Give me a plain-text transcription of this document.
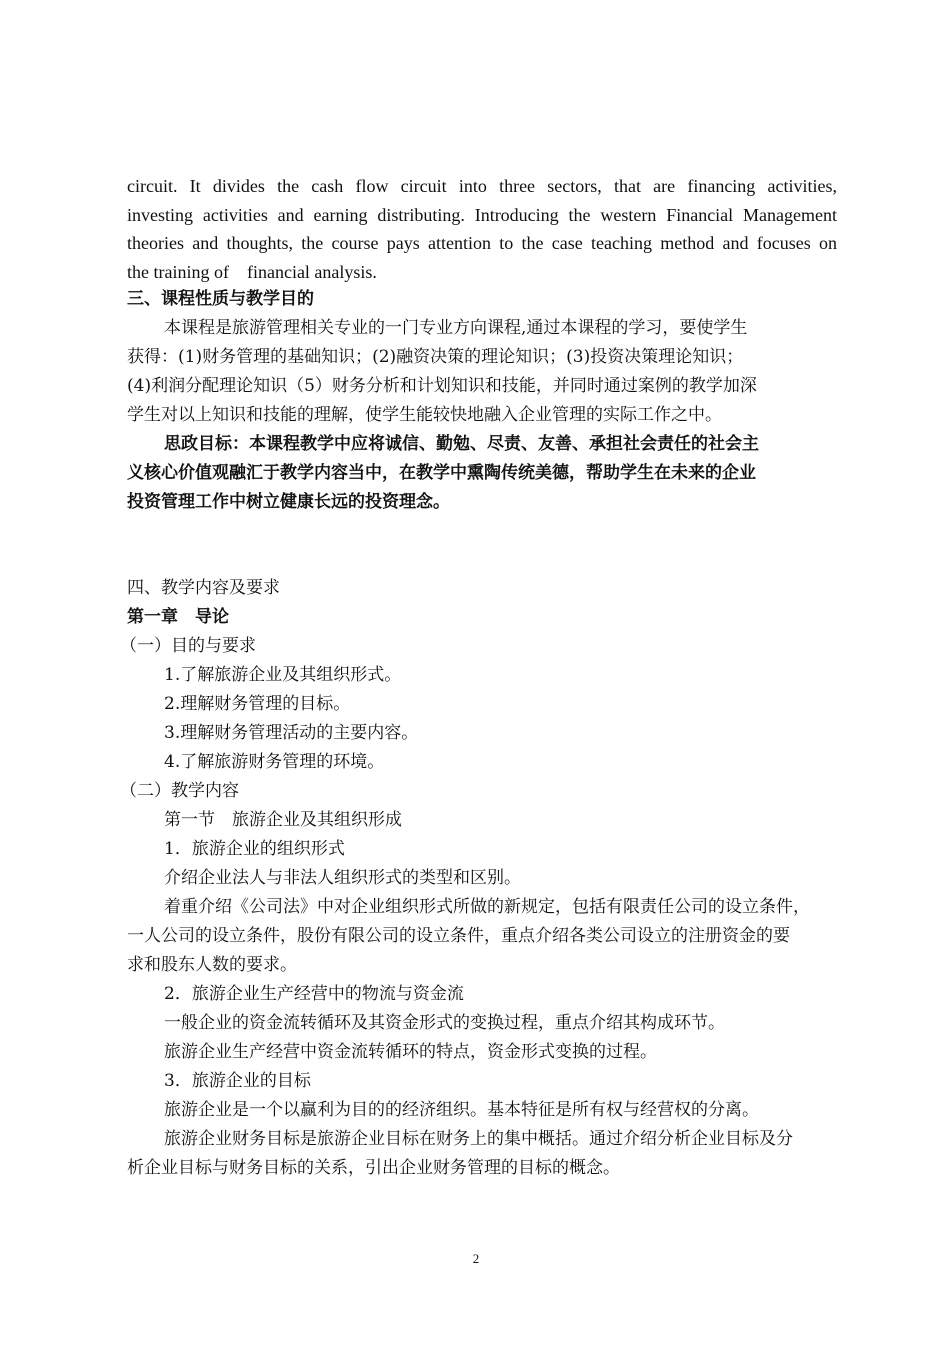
circuit. It divides the cash flow circuit into three sectors, that are financing activities,
investing activities and earning distributing. Introducing the western Financial Management
theories and thoughts, the course pays attention to the case teaching method and focuses on
the training of    financial analysis.
三、课程性质与教学目的
本课程是旅游管理相关专业的一门专业方向课程,通过本课程的学习，要使学生
获得：(1)财务管理的基础知识；(2)融资决策的理论知识；(3)投资决策理论知识；
(4)利润分配理论知识（5）财务分析和计划知识和技能，并同时通过案例的教学加深
学生对以上知识和技能的理解，使学生能较快地融入企业管理的实际工作之中。
思政目标：本课程教学中应将诚信、勤勉、尽责、友善、承担社会责任的社会主
义核心价值观融汇于教学内容当中，在教学中熏陶传统美德，帮助学生在未来的企业
投资管理工作中树立健康长远的投资理念。
四、教学内容及要求
第一章　导论
（一）目的与要求
1.了解旅游企业及其组织形式。
2.理解财务管理的目标。
3.理解财务管理活动的主要内容。
4.了解旅游财务管理的环境。
（二）教学内容
第一节　旅游企业及其组织形成
1．旅游企业的组织形式
介绍企业法人与非法人组织形式的类型和区别。
着重介绍《公司法》中对企业组织形式所做的新规定，包括有限责任公司的设立条件，
一人公司的设立条件，股份有限公司的设立条件，重点介绍各类公司设立的注册资金的要
求和股东人数的要求。
2．旅游企业生产经营中的物流与资金流
一般企业的资金流转循环及其资金形式的变换过程，重点介绍其构成环节。
旅游企业生产经营中资金流转循环的特点，资金形式变换的过程。
3．旅游企业的目标
旅游企业是一个以赢利为目的的经济组织。基本特征是所有权与经营权的分离。
旅游企业财务目标是旅游企业目标在财务上的集中概括。通过介绍分析企业目标及分
析企业目标与财务目标的关系，引出企业财务管理的目标的概念。
2
